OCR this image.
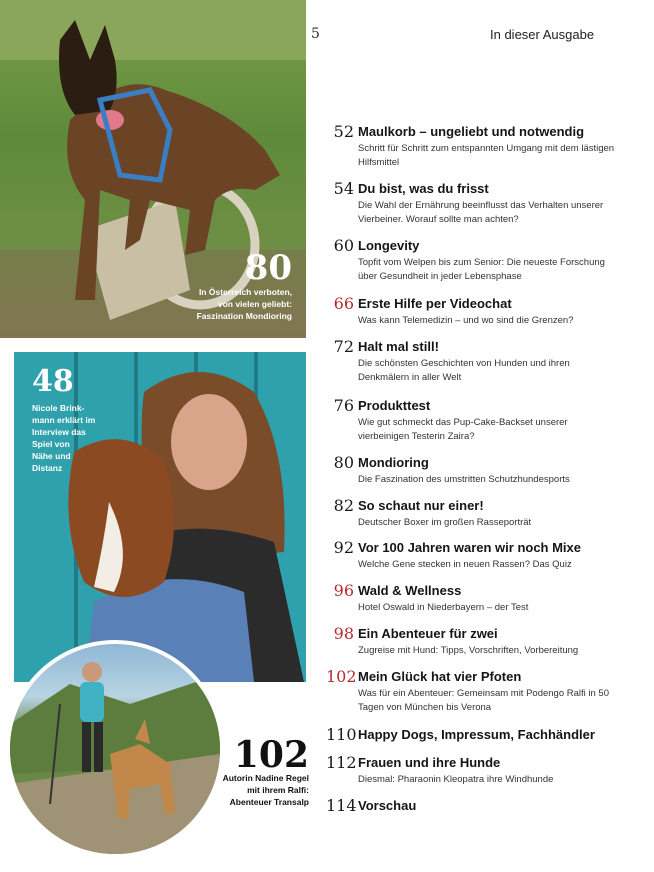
5	In dieser Ausgabe
80
In Österreich verboten,
von vielen geliebt:
Faszination Mondioring
48
Nicole Brink-
mann erklärt im
Interview das
Spiel von
Nähe und
Distanz
102
Autorin Nadine Regel
mit ihrem Ralfi:
Abenteuer Transalp
52 Maulkorb – ungeliebt und notwendig
Schritt für Schritt zum entspannten Umgang mit dem lästigen Hilfsmittel
54 Du bist, was du frisst
Die Wahl der Ernährung beeinflusst das Verhalten unserer Vierbeiner. Worauf sollte man achten?
60 Longevity
Topfit vom Welpen bis zum Senior: Die neueste Forschung über Gesundheit in jeder Lebensphase
66 Erste Hilfe per Videochat
Was kann Telemedizin – und wo sind die Grenzen?
72 Halt mal still!
Die schönsten Geschichten von Hunden und ihren Denkmälern in aller Welt
76 Produkttest
Wie gut schmeckt das Pup-Cake-Backset unserer vierbeinigen Testerin Zaira?
80 Mondioring
Die Faszination des umstritten Schutzhundesports
82 So schaut nur einer!
Deutscher Boxer im großen Rasseporträt
92 Vor 100 Jahren waren wir noch Mixe
Welche Gene stecken in neuen Rassen? Das Quiz
96 Wald & Wellness
Hotel Oswald in Niederbayern – der Test
98 Ein Abenteuer für zwei
Zugreise mit Hund: Tipps, Vorschriften, Vorbereitung
102 Mein Glück hat vier Pfoten
Was für ein Abenteuer: Gemeinsam mit Podengo Ralfi in 50 Tagen von München bis Verona
110 Happy Dogs, Impressum, Fachhändler
112 Frauen und ihre Hunde
Diesmal: Pharaonin Kleopatra ihre Windhunde
114 Vorschau
